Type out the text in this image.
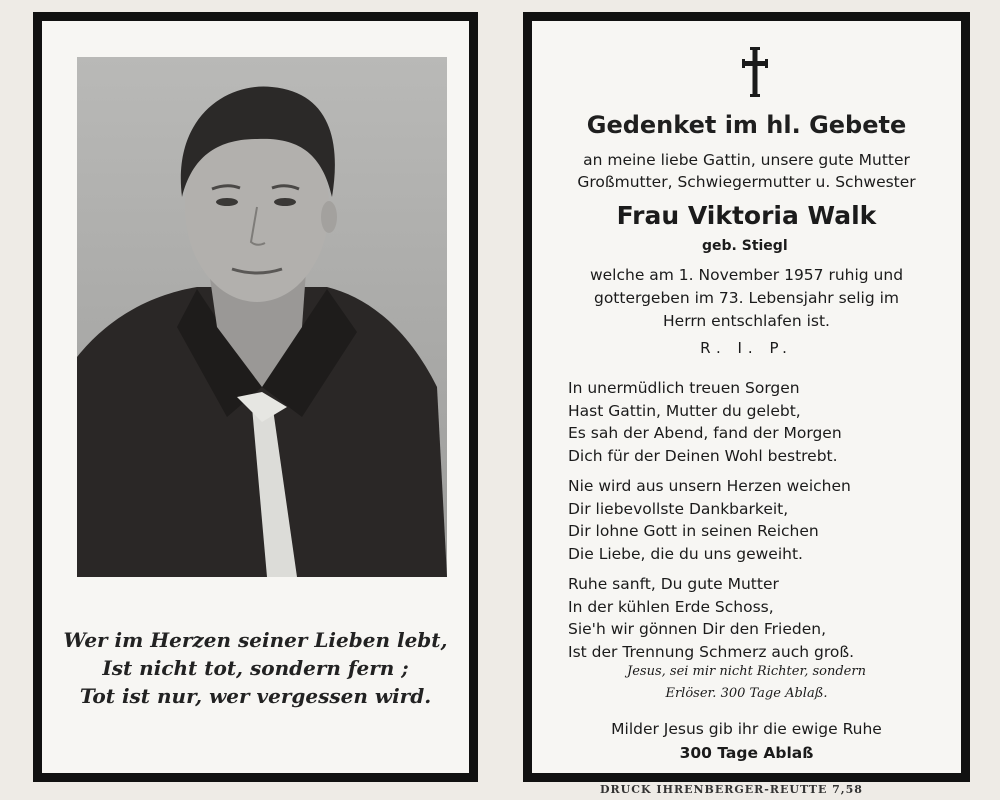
Wer im Herzen seiner Lieben lebt,
Ist nicht tot, sondern fern ;
Tot ist nur, wer vergessen wird.
Gedenket im hl. Gebete
an meine liebe Gattin, unsere gute Mutter
Großmutter, Schwiegermutter u. Schwester
Frau Viktoria Walk
geb. Stiegl
welche am 1. November 1957 ruhig und
gottergeben im 73. Lebensjahr selig im
Herrn entschlafen ist.
R. I. P.
In unermüdlich treuen Sorgen
Hast Gattin, Mutter du gelebt,
Es sah der Abend, fand der Morgen
Dich für der Deinen Wohl bestrebt.
Nie wird aus unsern Herzen weichen
Dir liebevollste Dankbarkeit,
Dir lohne Gott in seinen Reichen
Die Liebe, die du uns geweiht.
Ruhe sanft, Du gute Mutter
In der kühlen Erde Schoss,
Sie'h wir gönnen Dir den Frieden,
Ist der Trennung Schmerz auch groß.
Jesus, sei mir nicht Richter, sondern
Erlöser. 300 Tage Ablaß.
Milder Jesus gib ihr die ewige Ruhe
300 Tage Ablaß
DRUCK IHRENBERGER-REUTTE 7,58
